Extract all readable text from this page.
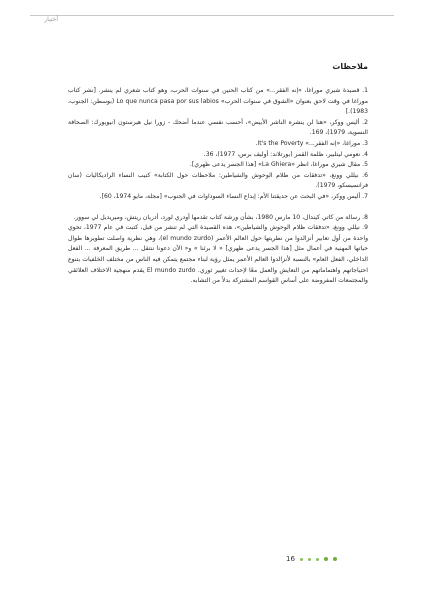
أختيار
ملاحظات
1. قصيدة شيري موراغا، «إنه الفقر...» من كتاب الحنين في سنوات الحرب، وهو كتاب شعري لم ينشر. [نشر كتاب موراغا في وقت لاحق بعنوان «الشوق في سنوات الحرب» Lo que nunca pasa por sus labios (بوسطن: الجنوب، 1983).]
2. أليس ووكر، «هنا لن ينشره الناشر الأبيض»، أحسب نفسي عندما أضحك - زورا نيل هيرستون (نيويورك: الصحافة النسوية، 1979)، 169.
3. موراغا، «إنه الفقر...» It's the Poverty.
4. نعومي ليتلبير، ظلمة القمر (بورتلاند: أوليف برس، 1977)، 36.
5. مقال شيري موراغا، انظر «La Ghiera» [هذا الجسر يدعى ظهري].
6. نيللي وونغ، «تدفقات من ظلام الوحوش والشياطين: ملاحظات حول الكتابة» كتيب النساء الراديكاليات (سان فرانسيسكو، 1979).
7. أليس ووكر، «في البحث عن حديقتنا الأم: إبداع النساء السوداوات في الجنوب» [مجلة، مايو 1974، 60].
8. رسالة من كاتي كيندال، 10 مارس 1980، بشأن ورشة كتاب تقدمها أودري لورد، أدريان ريتش، وميريديل لي سوور.
9. نيللي وونغ، «تدفقات ظلام الوحوش والشياطين»، هذه القصيدة التي لم تنشر من قبل، كتبت في عام 1977، تحوي واحدة من أول تعابير أنزالدوا من نظريتها حول العالم الأعمر (el mundo zurdo)، وهي نظرية واصلت تطويرها طوال حياتها المهنية في أعمال مثل [هذا الجسر يدعى ظهري] « لا برئنا » و« الآن دعونا ننتقل ... طريق المعرفة ... الفعل الداخلي، الفعل العام» بالنسبة لأنزالدوا العالم الأعمر يمثل رؤية لبناء مجتمع يتمكن فيه الناس من مختلف الخلفيات بتنوع احتياجاتهم واهتماماتهم من التعايش والعمل معًا لإحداث تغيير ثوري. El mundo zurdo يقدم منهجية الاختلاف العلائقي والمجتمعات المفروضة على أساس القواسم المشتركة بدلاً من التشابه.
16
